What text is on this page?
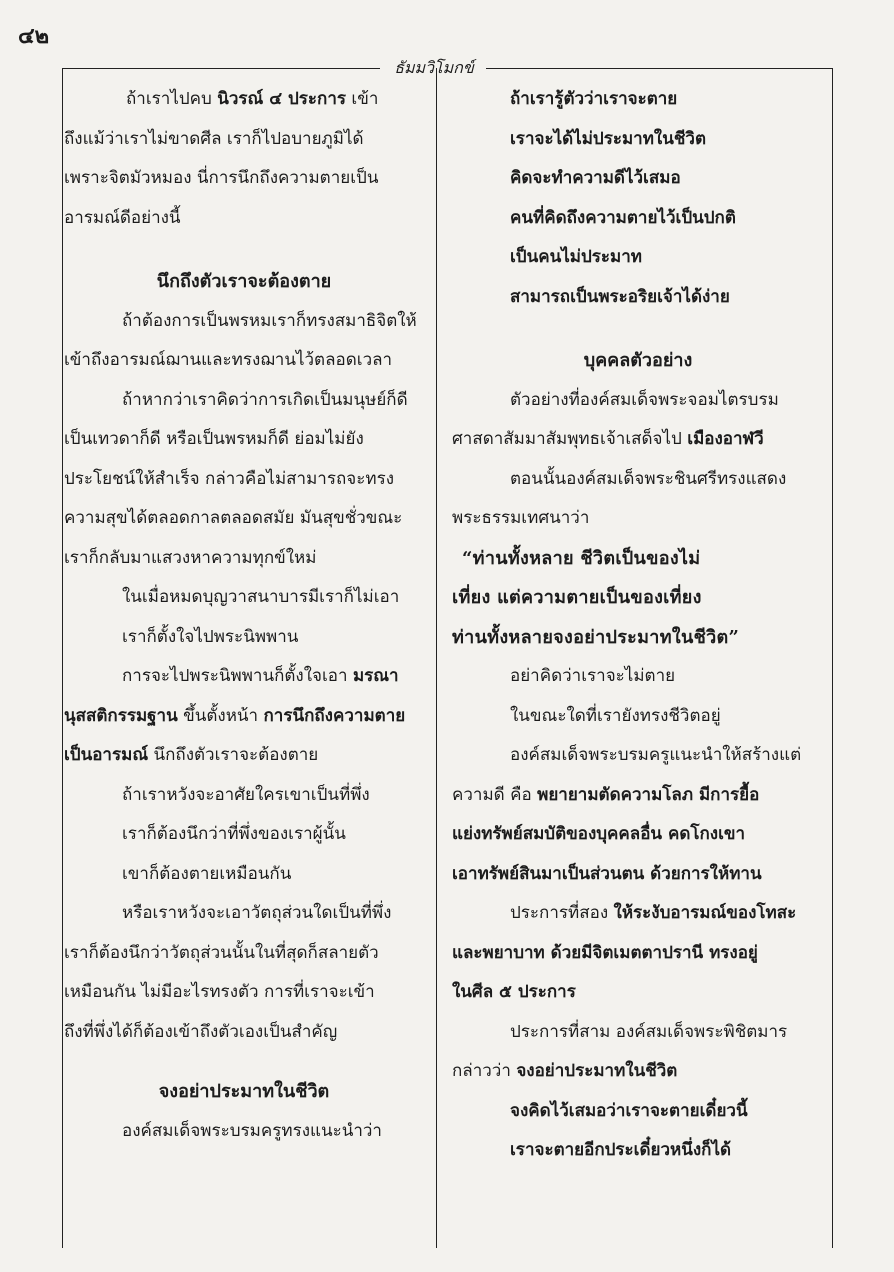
๔๒
ธัมมวิโมกข์
ถ้าเราไปคบ นิวรณ์ ๔ ประการ เข้า
ถึงแม้ว่าเราไม่ขาดศีล เราก็ไปอบายภูมิได้
เพราะจิตมัวหมอง นี่การนึกถึงความตายเป็น
อารมณ์ดีอย่างนี้
นึกถึงตัวเราจะต้องตาย
ถ้าต้องการเป็นพรหมเราก็ทรงสมาธิจิตให้
เข้าถึงอารมณ์ฌานและทรงฌานไว้ตลอดเวลา
ถ้าหากว่าเราคิดว่าการเกิดเป็นมนุษย์ก็ดี
เป็นเทวดาก็ดี หรือเป็นพรหมก็ดี ย่อมไม่ยัง
ประโยชน์ให้สำเร็จ กล่าวคือไม่สามารถจะทรง
ความสุขได้ตลอดกาลตลอดสมัย มันสุขชั่วขณะ
เราก็กลับมาแสวงหาความทุกข์ใหม่
ในเมื่อหมดบุญวาสนาบารมีเราก็ไม่เอา
เราก็ตั้งใจไปพระนิพพาน
การจะไปพระนิพพานก็ตั้งใจเอา มรณา
นุสสติกรรมฐาน ขึ้นตั้งหน้า การนึกถึงความตาย
เป็นอารมณ์ นึกถึงตัวเราจะต้องตาย
ถ้าเราหวังจะอาศัยใครเขาเป็นที่พึ่ง
เราก็ต้องนึกว่าที่พึ่งของเราผู้นั้น
เขาก็ต้องตายเหมือนกัน
หรือเราหวังจะเอาวัตถุส่วนใดเป็นที่พึ่ง
เราก็ต้องนึกว่าวัตถุส่วนนั้นในที่สุดก็สลายตัว
เหมือนกัน ไม่มีอะไรทรงตัว การที่เราจะเข้า
ถึงที่พึ่งได้ก็ต้องเข้าถึงตัวเองเป็นสำคัญ
จงอย่าประมาทในชีวิต
องค์สมเด็จพระบรมครูทรงแนะนำว่า
ถ้าเรารู้ตัวว่าเราจะตาย
เราจะได้ไม่ประมาทในชีวิต
คิดจะทำความดีไว้เสมอ
คนที่คิดถึงความตายไว้เป็นปกติ
เป็นคนไม่ประมาท
สามารถเป็นพระอริยเจ้าได้ง่าย
บุคคลตัวอย่าง
ตัวอย่างที่องค์สมเด็จพระจอมไตรบรม
ศาสดาสัมมาสัมพุทธเจ้าเสด็จไป เมืองอาฬวี
ตอนนั้นองค์สมเด็จพระชินศรีทรงแสดง
พระธรรมเทศนาว่า
“ท่านทั้งหลาย ชีวิตเป็นของไม่
เที่ยง แต่ความตายเป็นของเที่ยง
ท่านทั้งหลายจงอย่าประมาทในชีวิต”
อย่าคิดว่าเราจะไม่ตาย
ในขณะใดที่เรายังทรงชีวิตอยู่
องค์สมเด็จพระบรมครูแนะนำให้สร้างแต่
ความดี คือ พยายามตัดความโลภ มีการยื้อ
แย่งทรัพย์สมบัติของบุคคลอื่น คดโกงเขา
เอาทรัพย์สินมาเป็นส่วนตน ด้วยการให้ทาน
ประการที่สอง ให้ระงับอารมณ์ของโทสะ
และพยาบาท ด้วยมีจิตเมตตาปรานี ทรงอยู่
ในศีล ๕ ประการ
ประการที่สาม องค์สมเด็จพระพิชิตมาร
กล่าวว่า จงอย่าประมาทในชีวิต
จงคิดไว้เสมอว่าเราจะตายเดี๋ยวนี้
เราจะตายอีกประเดี๋ยวหนึ่งก็ได้
